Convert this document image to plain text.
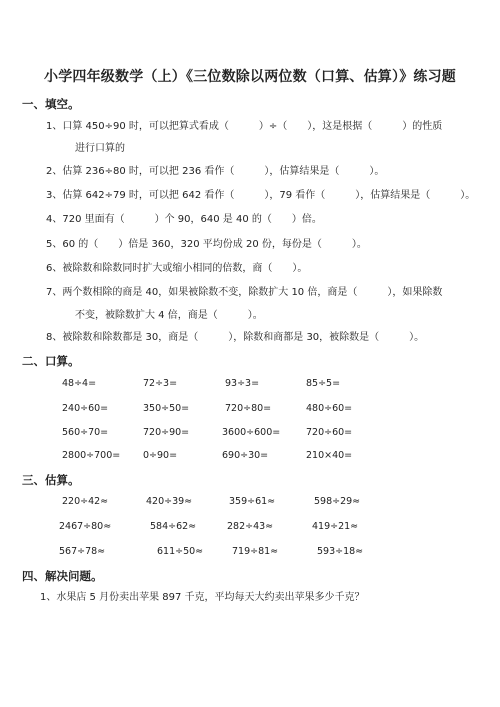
小学四年级数学（上）《三位数除以两位数（口算、估算）》练习题
一、填空。
1、口算 450÷90 时，可以把算式看成（　　　）÷（　　），这是根据（　　　）的性质
进行口算的
2、估算 236÷80 时，可以把 236 看作（　　　），估算结果是（　　　）。
3、估算 642÷79 时，可以把 642 看作（　　　），79 看作（　　　），估算结果是（　　　）。
4、720 里面有（　　　）个 90，640 是 40 的（　　）倍。
5、60 的（　　）倍是 360，320 平均份成 20 份，每份是（　　　）。
6、被除数和除数同时扩大或缩小相同的倍数，商（　　）。
7、两个数相除的商是 40，如果被除数不变，除数扩大 10 倍，商是（　　　），如果除数
不变，被除数扩大 4 倍，商是（　　　）。
8、被除数和除数都是 30，商是（　　　），除数和商都是 30，被除数是（　　　）。
二、口算。
48÷4=	72÷3=	93÷3=	85÷5=
240÷60=	350÷50=	720÷80=	480÷60=
560÷70=	720÷90=	3600÷600=	720÷60=
2800÷700= 0÷90=	690÷30=	210×40=
三、估算。
220÷42≈	420÷39≈	359÷61≈	598÷29≈
2467÷80≈	584÷62≈	282÷43≈	419÷21≈
567÷78≈	611÷50≈	719÷81≈	593÷18≈
四、解决问题。
1、水果店 5 月份卖出苹果 897 千克，平均每天大约卖出苹果多少千克？
